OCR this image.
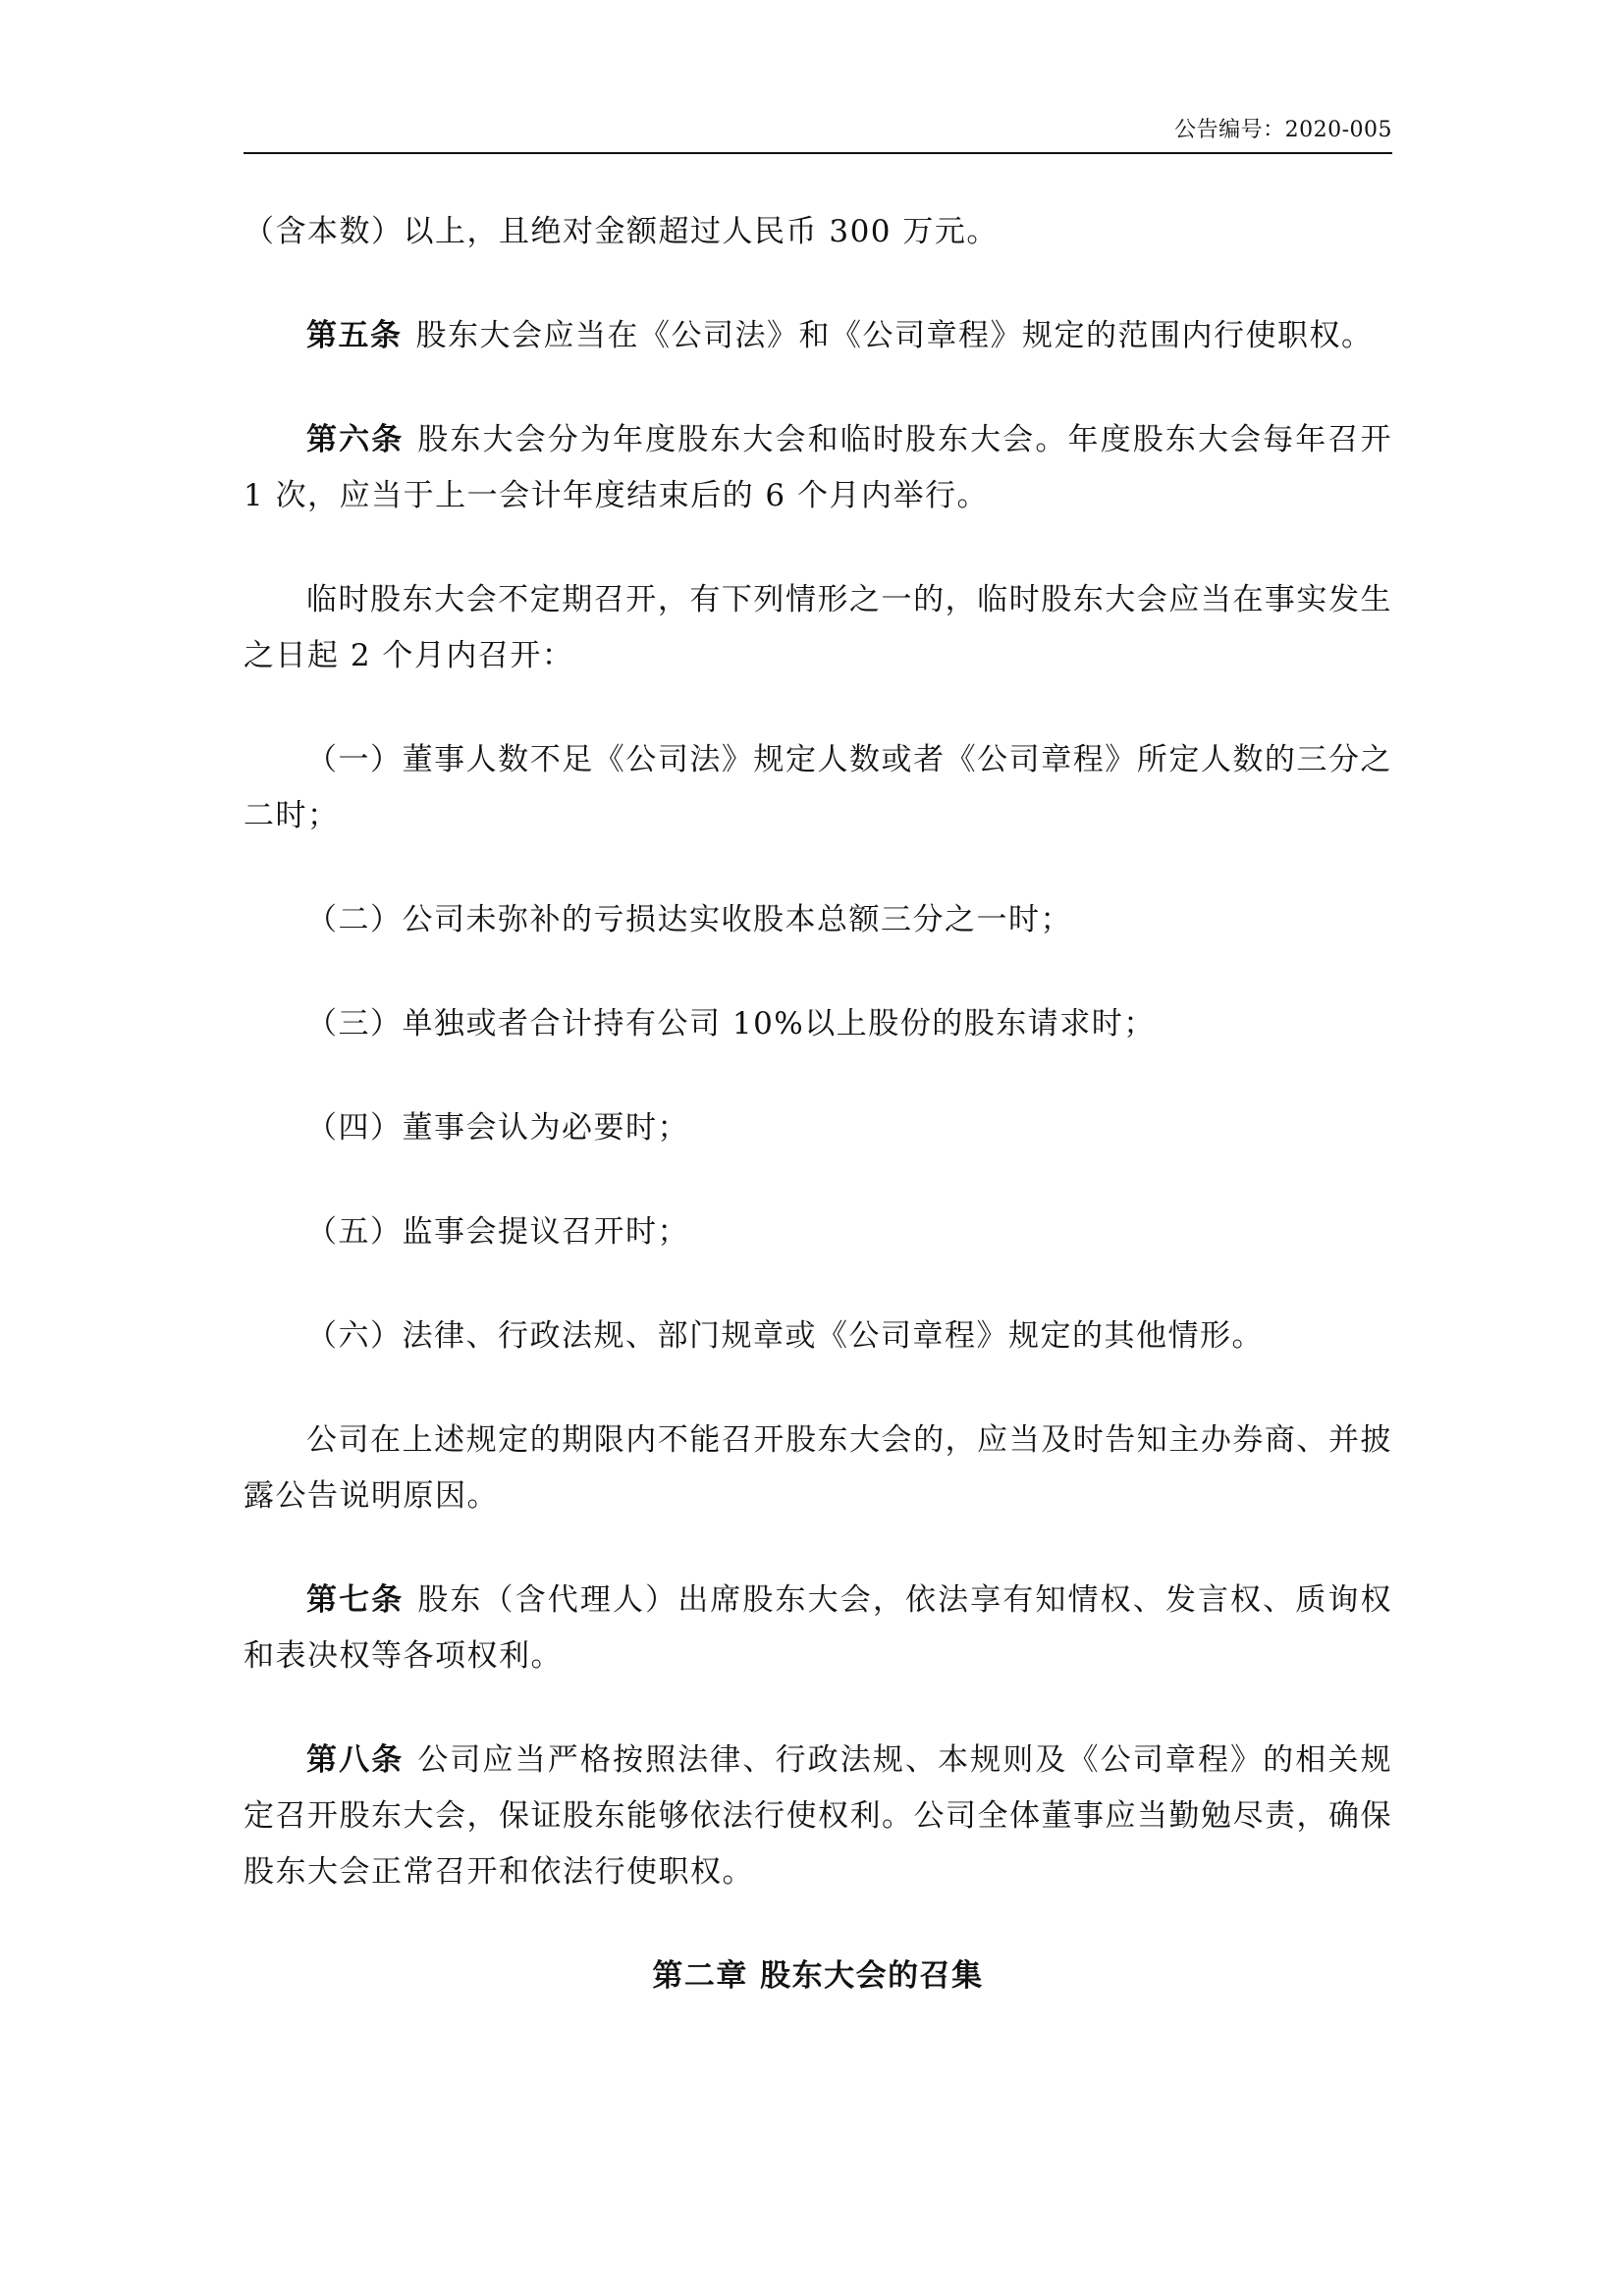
公告编号：2020-005

（含本数）以上，且绝对金额超过人民币 300 万元。

第五条 股东大会应当在《公司法》和《公司章程》规定的范围内行使职权。

第六条 股东大会分为年度股东大会和临时股东大会。年度股东大会每年召开 1 次，应当于上一会计年度结束后的 6 个月内举行。

临时股东大会不定期召开，有下列情形之一的，临时股东大会应当在事实发生之日起 2 个月内召开：

（一）董事人数不足《公司法》规定人数或者《公司章程》所定人数的三分之二时；

（二）公司未弥补的亏损达实收股本总额三分之一时；

（三）单独或者合计持有公司 10%以上股份的股东请求时；

（四）董事会认为必要时；

（五）监事会提议召开时；

（六）法律、行政法规、部门规章或《公司章程》规定的其他情形。

公司在上述规定的期限内不能召开股东大会的，应当及时告知主办券商、并披露公告说明原因。

第七条 股东（含代理人）出席股东大会，依法享有知情权、发言权、质询权和表决权等各项权利。

第八条 公司应当严格按照法律、行政法规、本规则及《公司章程》的相关规定召开股东大会，保证股东能够依法行使权利。公司全体董事应当勤勉尽责，确保股东大会正常召开和依法行使职权。

第二章 股东大会的召集
